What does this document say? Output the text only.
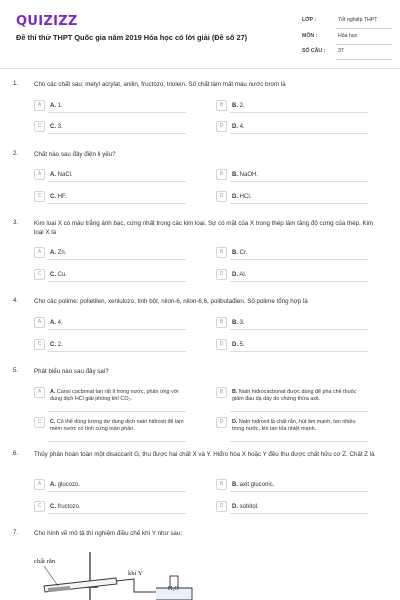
QUIZIZZ
Đề thi thử THPT Quốc gia năm 2019 Hóa học có lời giải (Đề số 27)
LỚP :	Tốt nghiệp THPT
MÔN :	Hóa học
SỐ CÂU : 37
1.	Cho các chất sau: metyl acrylat, anilin, fructozo, triolein. Số chất làm mất màu nước brom là
A	A. 1.	B	B. 2.
C	C. 3.	D	D. 4.
2.	Chất nào sau đây điện li yếu?
A	A. NaCl.	B	B. NaOH.
C	C. HF.	D	D. HCl.
3.	Kim loại X có màu trắng ánh bạc, cứng nhất trong các kim loại. Sự có mặt của X trong thép làm tăng độ cứng của thép. Kim loại X là
A	A. Zn.	B	B. Cr.
C	C. Cu.	D	D. Al.
4.	Cho các polime: polietilen, xenlulozo, tinh bột, nilon-6, nilon-6,6, polibutađien. Số polime tổng hợp là
A	A. 4.	B	B. 3.
C	C. 2.	D	D. 5.
5.	Phát biểu nào sau đây sai?
A	A. Canxi cacbonat tan rất ít trong nước, phản ứng với dung dịch HCl giải phóng khí CO₂.
B	B. Natri hiđrocacbonat được dùng để pha chế thuốc giảm đau dạ dày do chứng thừa axit.
C	C. Có thể dùng lượng dư dung dịch natri hiđroxit để làm mềm nước có tính cứng toàn phần.
D	D. Natri hiđroxit là chất rắn, hút ẩm mạnh, tan nhiều trong nước, khi tan tỏa nhiệt mạnh.
6.	Thủy phân hoàn toàn một disaccarit G, thu được hai chất X và Y. Hiđro hóa X hoặc Y đều thu được chất hữu cơ Z. Chất Z là
A	A. glucozo.	B	B. axit gluconic.
C	C. fructozo.	D	D. sobitol.
7.	Cho hình vẽ mô tả thí nghiệm điều chế khí Y như sau:
chất rắn
khí Y
H₂O
